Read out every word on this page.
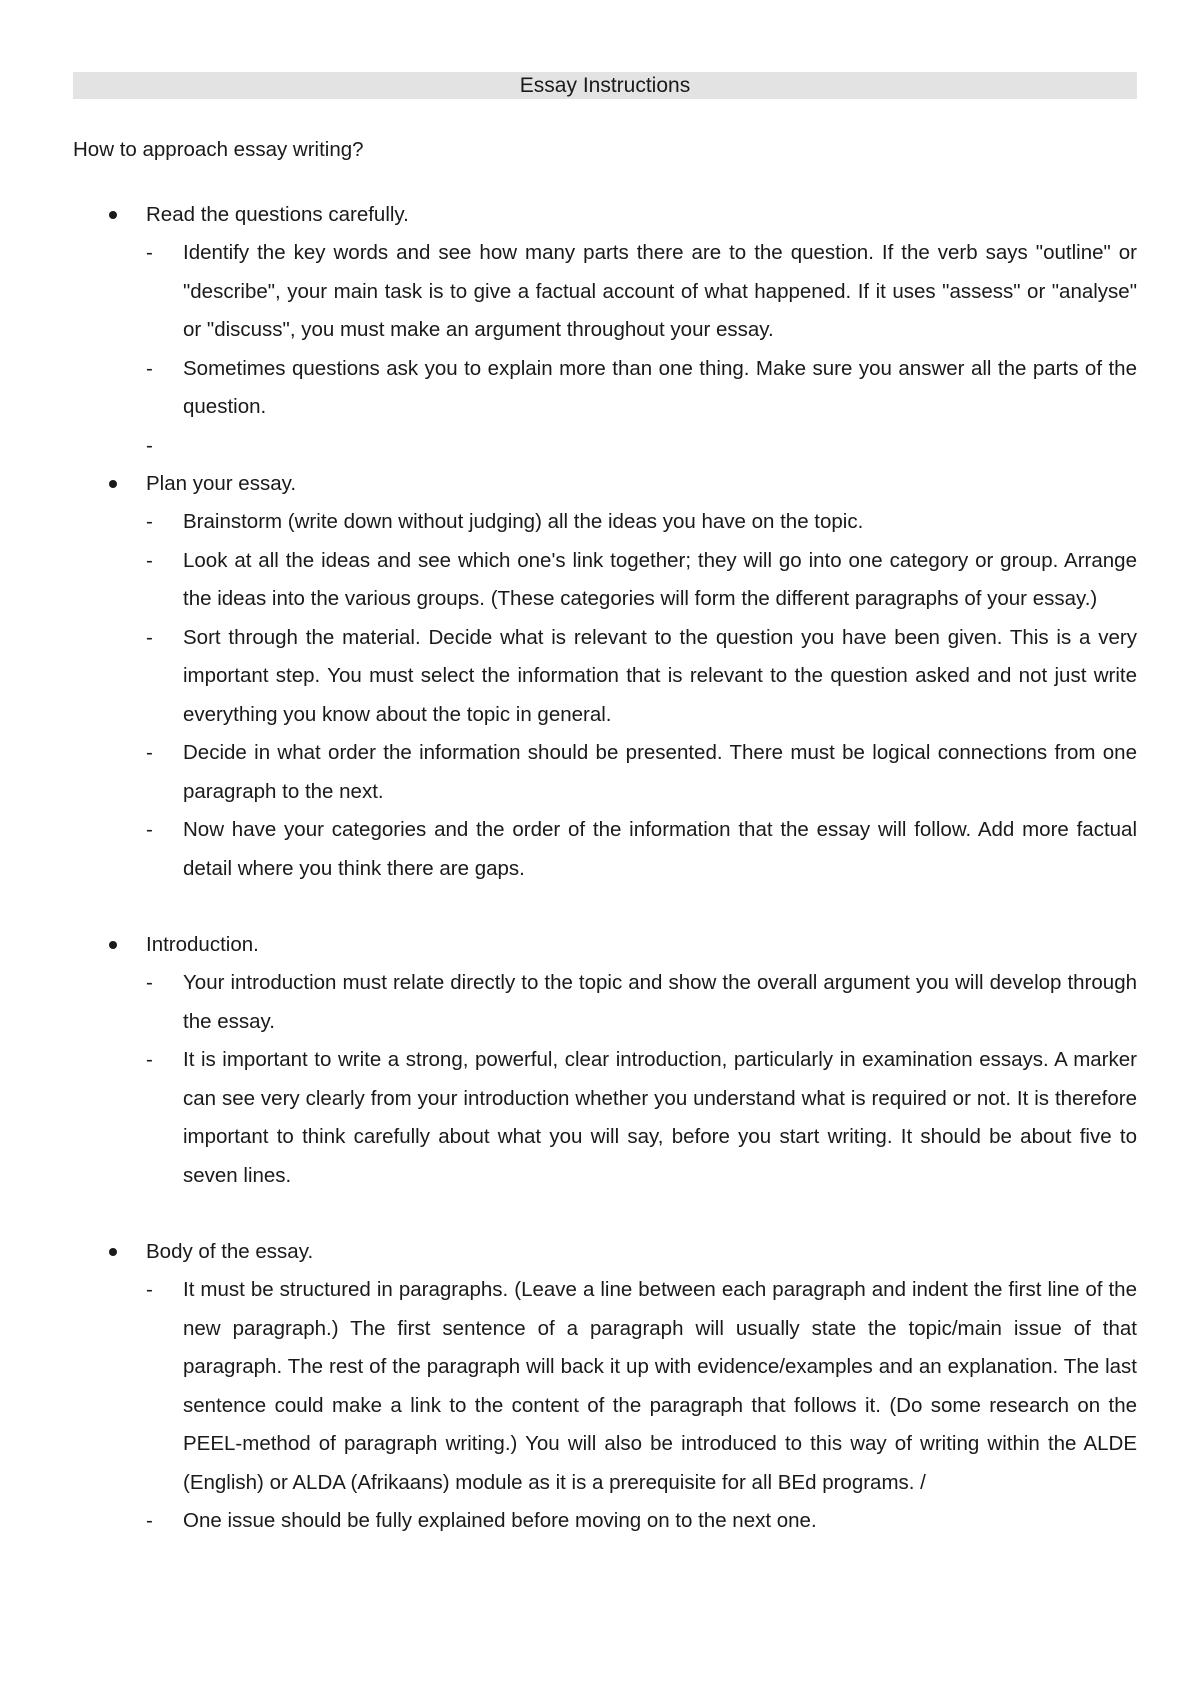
Essay Instructions
How to approach essay writing?
Read the questions carefully.
- Identify the key words and see how many parts there are to the question. If the verb says "outline" or "describe", your main task is to give a factual account of what happened. If it uses "assess" or "analyse" or "discuss", you must make an argument throughout your essay.
- Sometimes questions ask you to explain more than one thing. Make sure you answer all the parts of the question.
-
Plan your essay.
- Brainstorm (write down without judging) all the ideas you have on the topic.
- Look at all the ideas and see which one's link together; they will go into one category or group. Arrange the ideas into the various groups. (These categories will form the different paragraphs of your essay.)
- Sort through the material. Decide what is relevant to the question you have been given. This is a very important step. You must select the information that is relevant to the question asked and not just write everything you know about the topic in general.
- Decide in what order the information should be presented. There must be logical connections from one paragraph to the next.
- Now have your categories and the order of the information that the essay will follow. Add more factual detail where you think there are gaps.
Introduction.
- Your introduction must relate directly to the topic and show the overall argument you will develop through the essay.
- It is important to write a strong, powerful, clear introduction, particularly in examination essays. A marker can see very clearly from your introduction whether you understand what is required or not. It is therefore important to think carefully about what you will say, before you start writing. It should be about five to seven lines.
Body of the essay.
- It must be structured in paragraphs. (Leave a line between each paragraph and indent the first line of the new paragraph.) The first sentence of a paragraph will usually state the topic/main issue of that paragraph. The rest of the paragraph will back it up with evidence/examples and an explanation. The last sentence could make a link to the content of the paragraph that follows it. (Do some research on the PEEL-method of paragraph writing.) You will also be introduced to this way of writing within the ALDE (English) or ALDA (Afrikaans) module as it is a prerequisite for all BEd programs. /
- One issue should be fully explained before moving on to the next one.
